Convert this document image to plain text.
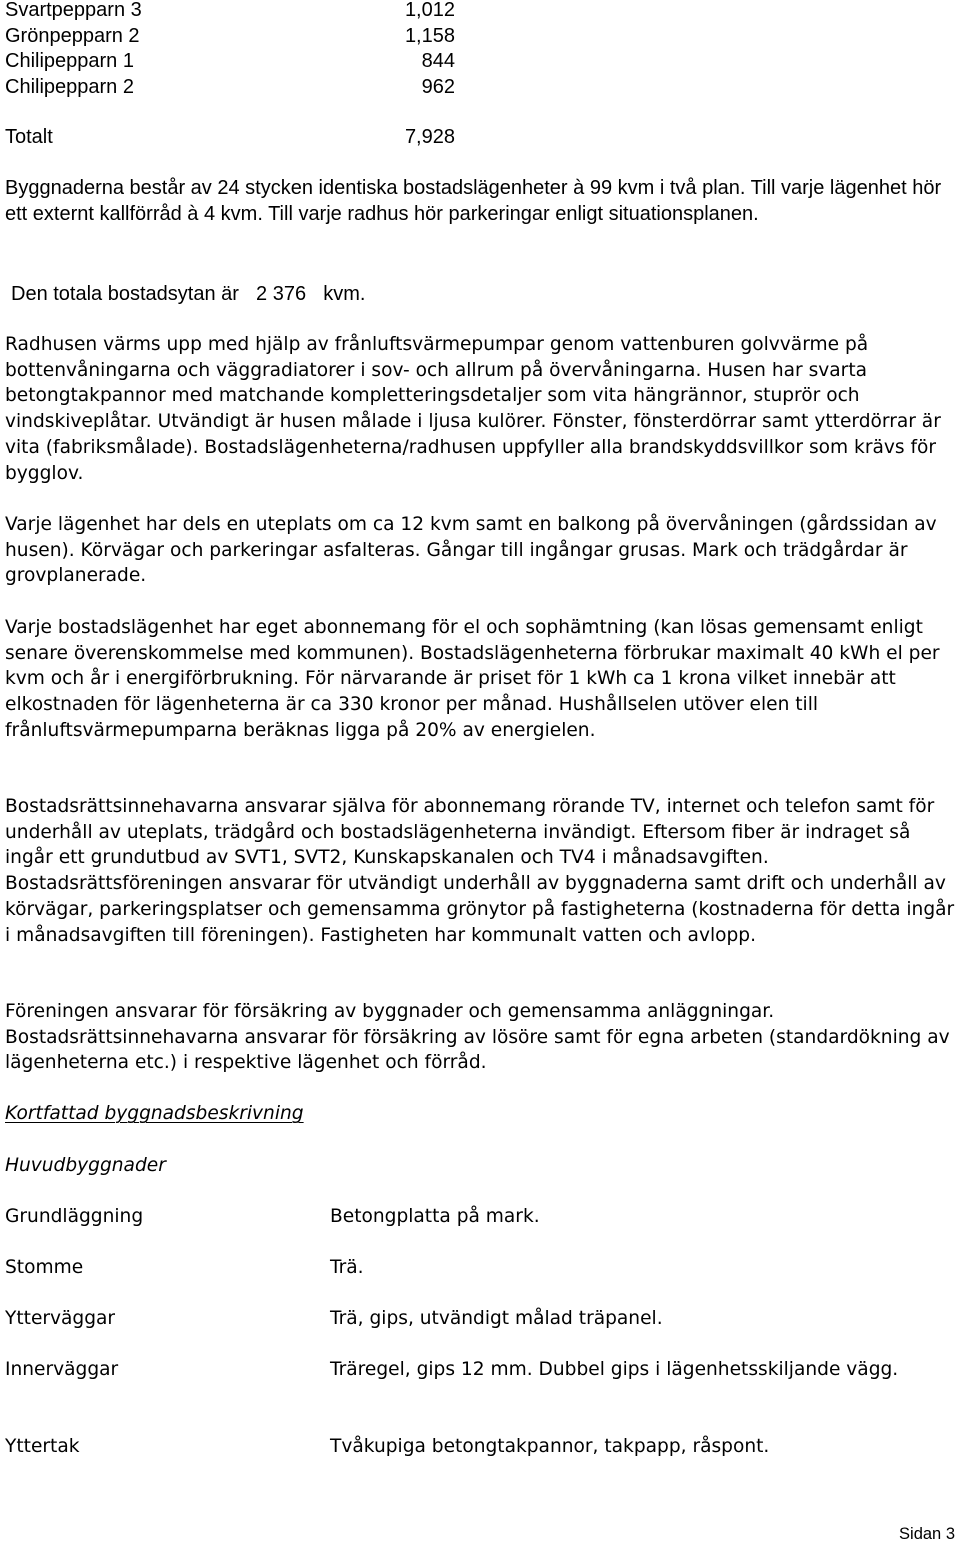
Svartpepparn 3	1,012
Grönpepparn 2	1,158
Chilipepparn 1	844
Chilipepparn 2	962
Totalt	7,928

Byggnaderna består av 24 stycken identiska bostadslägenheter à 99 kvm i två plan. Till varje lägenhet hör ett externt kallförråd à 4 kvm. Till varje radhus hör parkeringar enligt situationsplanen.

Den totala bostadsytan är 2 376 kvm.

Radhusen värms upp med hjälp av frånluftsvärmepumpar genom vattenburen golvvärme på bottenvåningarna och väggradiatorer i sov- och allrum på övervåningarna. Husen har svarta betongtakpannor med matchande kompletteringsdetaljer som vita hängrännor, stuprör och vindskiveplåtar. Utvändigt är husen målade i ljusa kulörer. Fönster, fönsterdörrar samt ytterdörrar är vita (fabriksmålade). Bostadslägenheterna/radhusen uppfyller alla brandskyddsvillkor som krävs för bygglov.

Varje lägenhet har dels en uteplats om ca 12 kvm samt en balkong på övervåningen (gårdssidan av husen). Körvägar och parkeringar asfalteras. Gångar till ingångar grusas. Mark och trädgårdar är grovplanerade.

Varje bostadslägenhet har eget abonnemang för el och sophämtning (kan lösas gemensamt enligt senare överenskommelse med kommunen). Bostadslägenheterna förbrukar maximalt 40 kWh el per kvm och år i energiförbrukning. För närvarande är priset för 1 kWh ca 1 krona vilket innebär att elkostnaden för lägenheterna är ca 330 kronor per månad. Hushållselen utöver elen till frånluftsvärmepumparna beräknas ligga på 20% av energielen.

Bostadsrättsinnehavarna ansvarar själva för abonnemang rörande TV, internet och telefon samt för underhåll av uteplats, trädgård och bostadslägenheterna invändigt. Eftersom fiber är indraget så ingår ett grundutbud av SVT1, SVT2, Kunskapskanalen och TV4 i månadsavgiften. Bostadsrättsföreningen ansvarar för utvändigt underhåll av byggnaderna samt drift och underhåll av körvägar, parkeringsplatser och gemensamma grönytor på fastigheterna (kostnaderna för detta ingår i månadsavgiften till föreningen). Fastigheten har kommunalt vatten och avlopp.

Föreningen ansvarar för försäkring av byggnader och gemensamma anläggningar. Bostadsrättsinnehavarna ansvarar för försäkring av lösöre samt för egna arbeten (standardökning av lägenheterna etc.) i respektive lägenhet och förråd.

Kortfattad byggnadsbeskrivning
Huvudbyggnader
Grundläggning	Betongplatta på mark.
Stomme	Trä.
Ytterväggar	Trä, gips, utvändigt målad träpanel.
Innerväggar	Träregel, gips 12 mm. Dubbel gips i lägenhetsskiljande vägg.
Yttertak	Tvåkupiga betongtakpannor, takpapp, råspont.
Sidan 3
